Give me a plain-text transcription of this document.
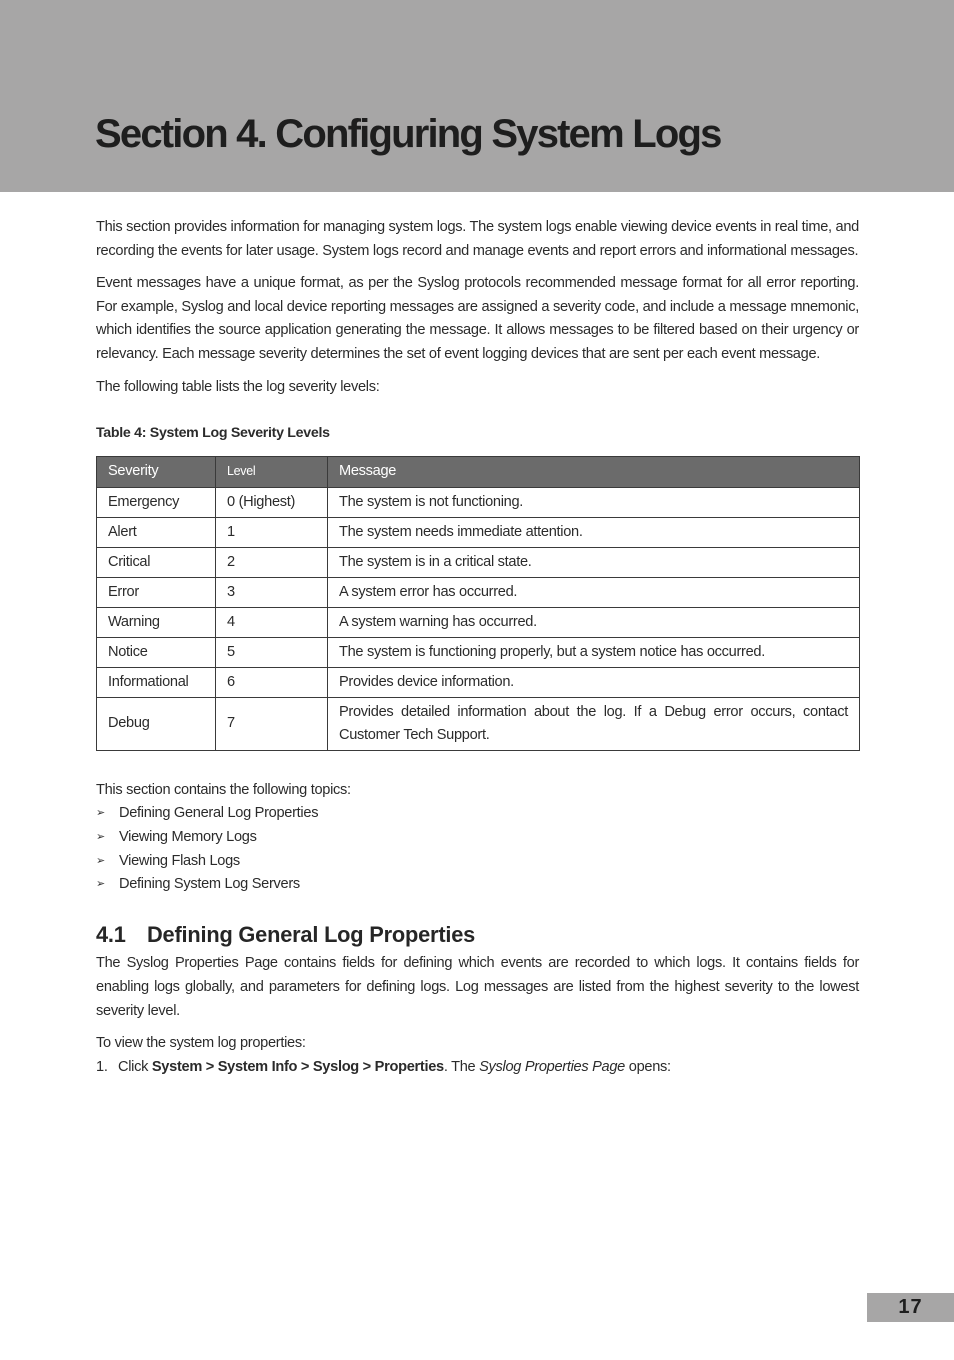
Section 4. Configuring System Logs

This section provides information for managing system logs. The system logs enable viewing device events in real time, and recording the events for later usage. System logs record and manage events and report errors and informational messages.

Event messages have a unique format, as per the Syslog protocols recommended message format for all error reporting. For example, Syslog and local device reporting messages are assigned a severity code, and include a message mnemonic, which identifies the source application generating the message. It allows messages to be filtered based on their urgency or relevancy. Each message severity determines the set of event logging devices that are sent per each event message.

The following table lists the log severity levels:

Table 4: System Log Severity Levels
Severity	Level	Message
Emergency	0 (Highest)	The system is not functioning.
Alert	1	The system needs immediate attention.
Critical	2	The system is in a critical state.
Error	3	A system error has occurred.
Warning	4	A system warning has occurred.
Notice	5	The system is functioning properly, but a system notice has occurred.
Informational	6	Provides device information.
Debug	7	Provides detailed information about the log. If a Debug error occurs, contact Customer Tech Support.
This section contains the following topics:
➢ Defining General Log Properties
➢ Viewing Memory Logs
➢ Viewing Flash Logs
➢ Defining System Log Servers
4.1 Defining General Log Properties

The Syslog Properties Page contains fields for defining which events are recorded to which logs. It contains fields for enabling logs globally, and parameters for defining logs. Log messages are listed from the highest severity to the lowest severity level.

To view the system log properties:

1. Click System > System Info > Syslog > Properties. The Syslog Properties Page opens:
17
